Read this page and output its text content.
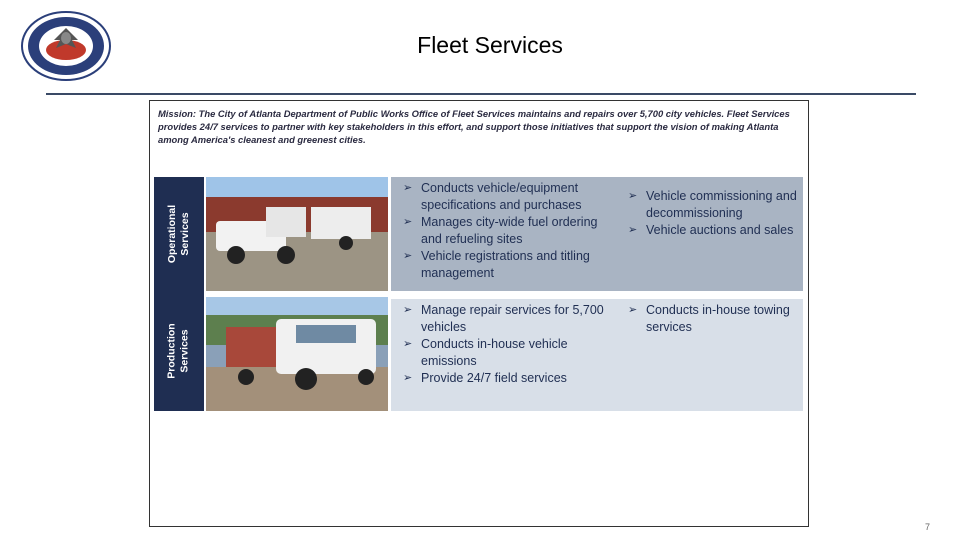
Fleet Services
Mission: The City of Atlanta Department of Public Works Office of Fleet Services maintains and repairs over 5,700 city vehicles. Fleet Services provides 24/7 services to partner with key stakeholders in this effort, and support those initiatives that support the vision of making Atlanta among America's cleanest and greenest cities.
Operational Services
➢ Conducts vehicle/equipment specifications and purchases
➢ Manages city-wide fuel ordering and refueling sites
➢ Vehicle registrations and titling management
➢ Vehicle commissioning and decommissioning
➢ Vehicle auctions and sales
Production Services
➢ Manage repair services for 5,700 vehicles
➢ Conducts in-house vehicle emissions
➢ Provide 24/7 field services
➢ Conducts in-house towing services
7
